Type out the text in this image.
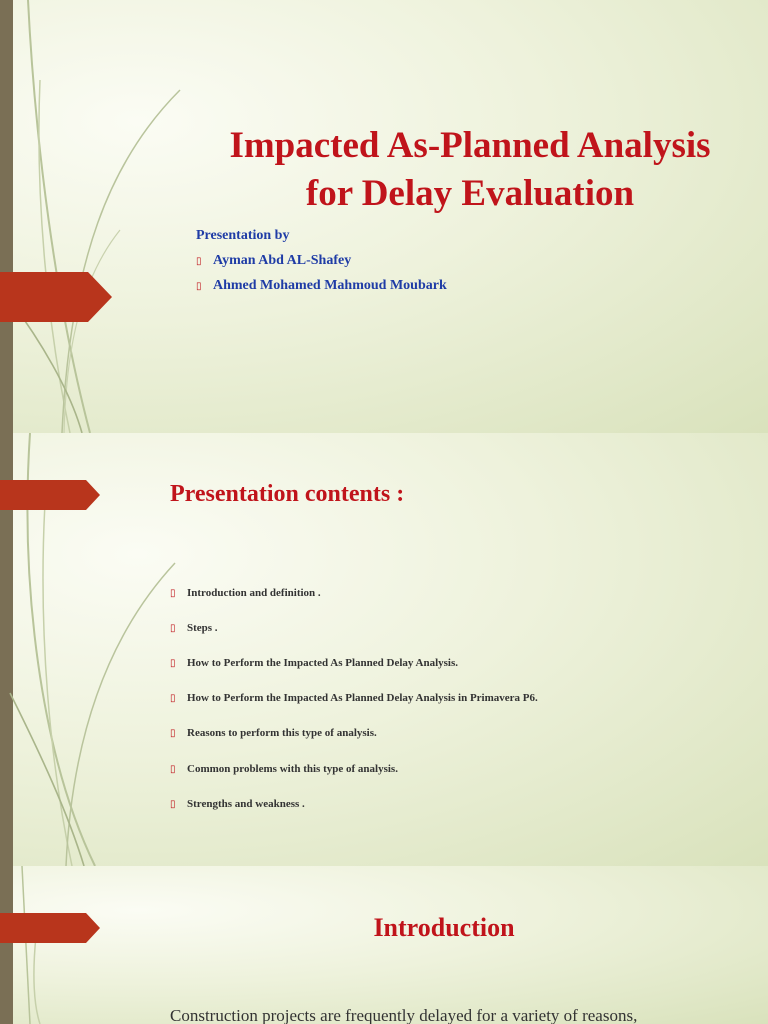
Impacted As-Planned Analysis
for Delay Evaluation
Presentation by
▯ Ayman Abd AL-Shafey
▯ Ahmed Mohamed Mahmoud Moubark
Presentation contents :
▯ Introduction and definition .
▯ Steps .
▯ How to Perform the Impacted As Planned Delay Analysis.
▯ How to Perform the Impacted As Planned Delay Analysis in Primavera P6.
▯ Reasons to perform this type of analysis.
▯ Common problems with this type of analysis.
▯ Strengths and weakness .
Introduction
Construction projects are frequently delayed for a variety of reasons,
